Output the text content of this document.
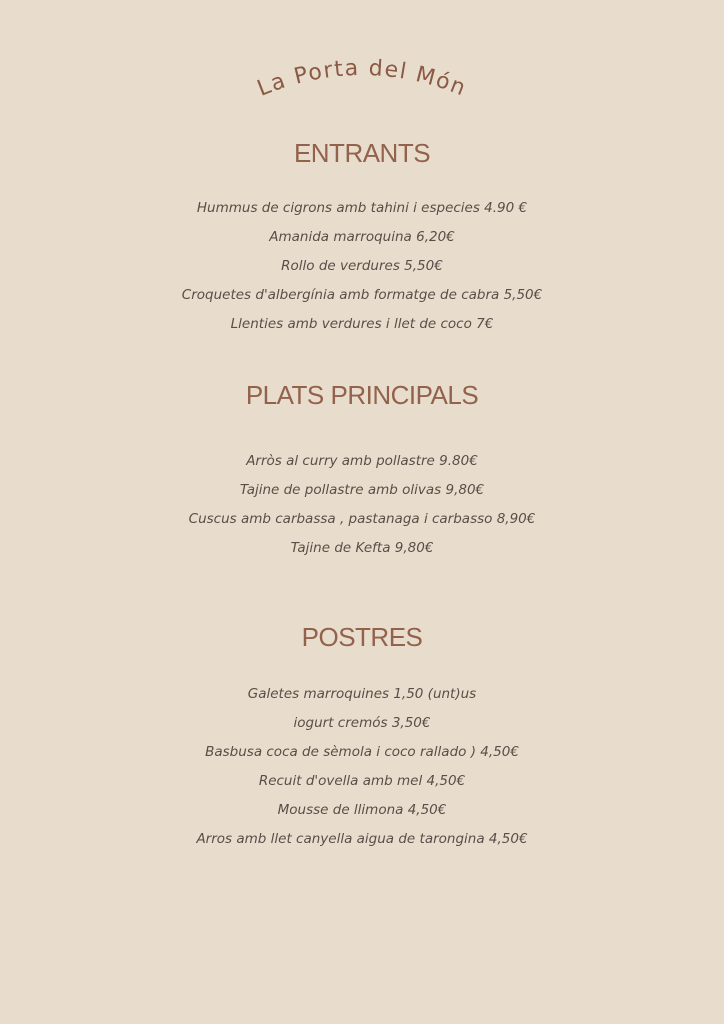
La Porta del Món
ENTRANTS
Hummus de cigrons amb tahini i especies 4.90 €
Amanida marroquina 6,20€
Rollo de verdures 5,50€
Croquetes d'albergínia amb formatge de cabra 5,50€
Llenties amb verdures i llet de coco 7€
PLATS PRINCIPALS
Arròs al curry amb pollastre 9.80€
Tajine de pollastre amb olivas 9,80€
Cuscus amb carbassa , pastanaga i carbasso 8,90€
Tajine de Kefta 9,80€
POSTRES
Galetes marroquines 1,50 (unt)us
iogurt cremós 3,50€
Basbusa coca de sèmola i coco rallado ) 4,50€
Recuit d'ovella amb mel 4,50€
Mousse de llimona 4,50€
Arros amb llet canyella aigua de tarongina 4,50€
